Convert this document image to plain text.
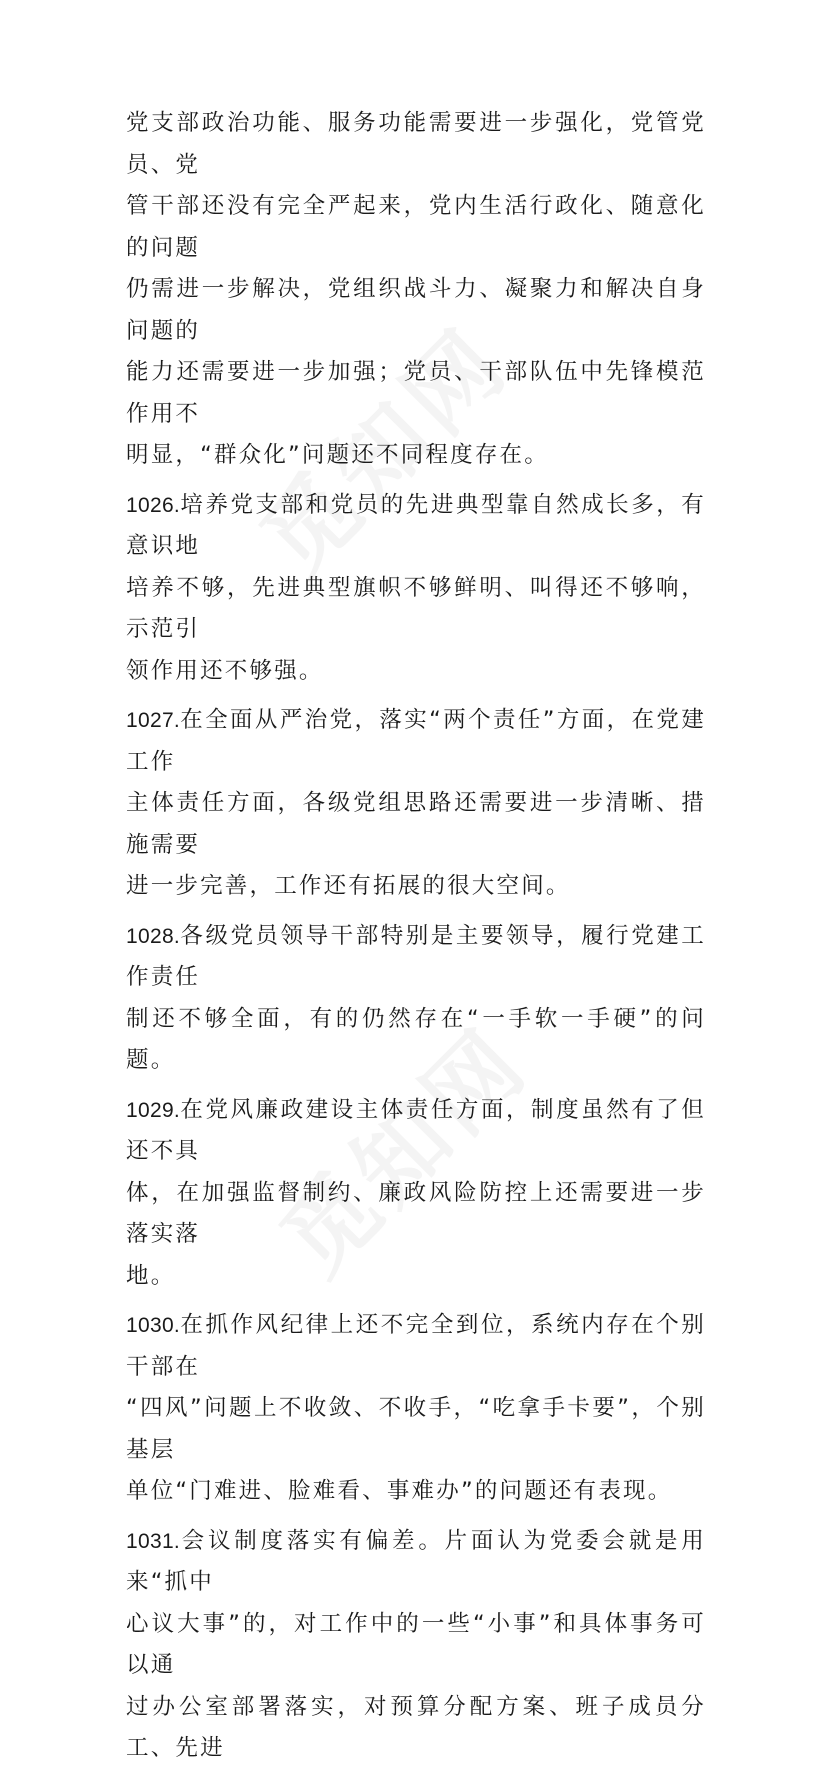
党支部政治功能、服务功能需要进一步强化，党管党员、党
管干部还没有完全严起来，党内生活行政化、随意化的问题
仍需进一步解决，党组织战斗力、凝聚力和解决自身问题的
能力还需要进一步加强；党员、干部队伍中先锋模范作用不
明显，“群众化”问题还不同程度存在。

1026.培养党支部和党员的先进典型靠自然成长多，有意识地
培养不够，先进典型旗帜不够鲜明、叫得还不够响，示范引
领作用还不够强。

1027.在全面从严治党，落实“两个责任”方面，在党建工作
主体责任方面，各级党组思路还需要进一步清晰、措施需要
进一步完善，工作还有拓展的很大空间。

1028.各级党员领导干部特别是主要领导，履行党建工作责任
制还不够全面，有的仍然存在“一手软一手硬”的问题。

1029.在党风廉政建设主体责任方面，制度虽然有了但还不具
体，在加强监督制约、廉政风险防控上还需要进一步落实落
地。

1030.在抓作风纪律上还不完全到位，系统内存在个别干部在
“四风”问题上不收敛、不收手，“吃拿手卡要”，个别基层
单位“门难进、脸难看、事难办”的问题还有表现。

1031.会议制度落实有偏差。片面认为党委会就是用来“抓中
心议大事”的，对工作中的一些“小事”和具体事务可以通
过办公室部署落实，对预算分配方案、班子成员分工、先进
